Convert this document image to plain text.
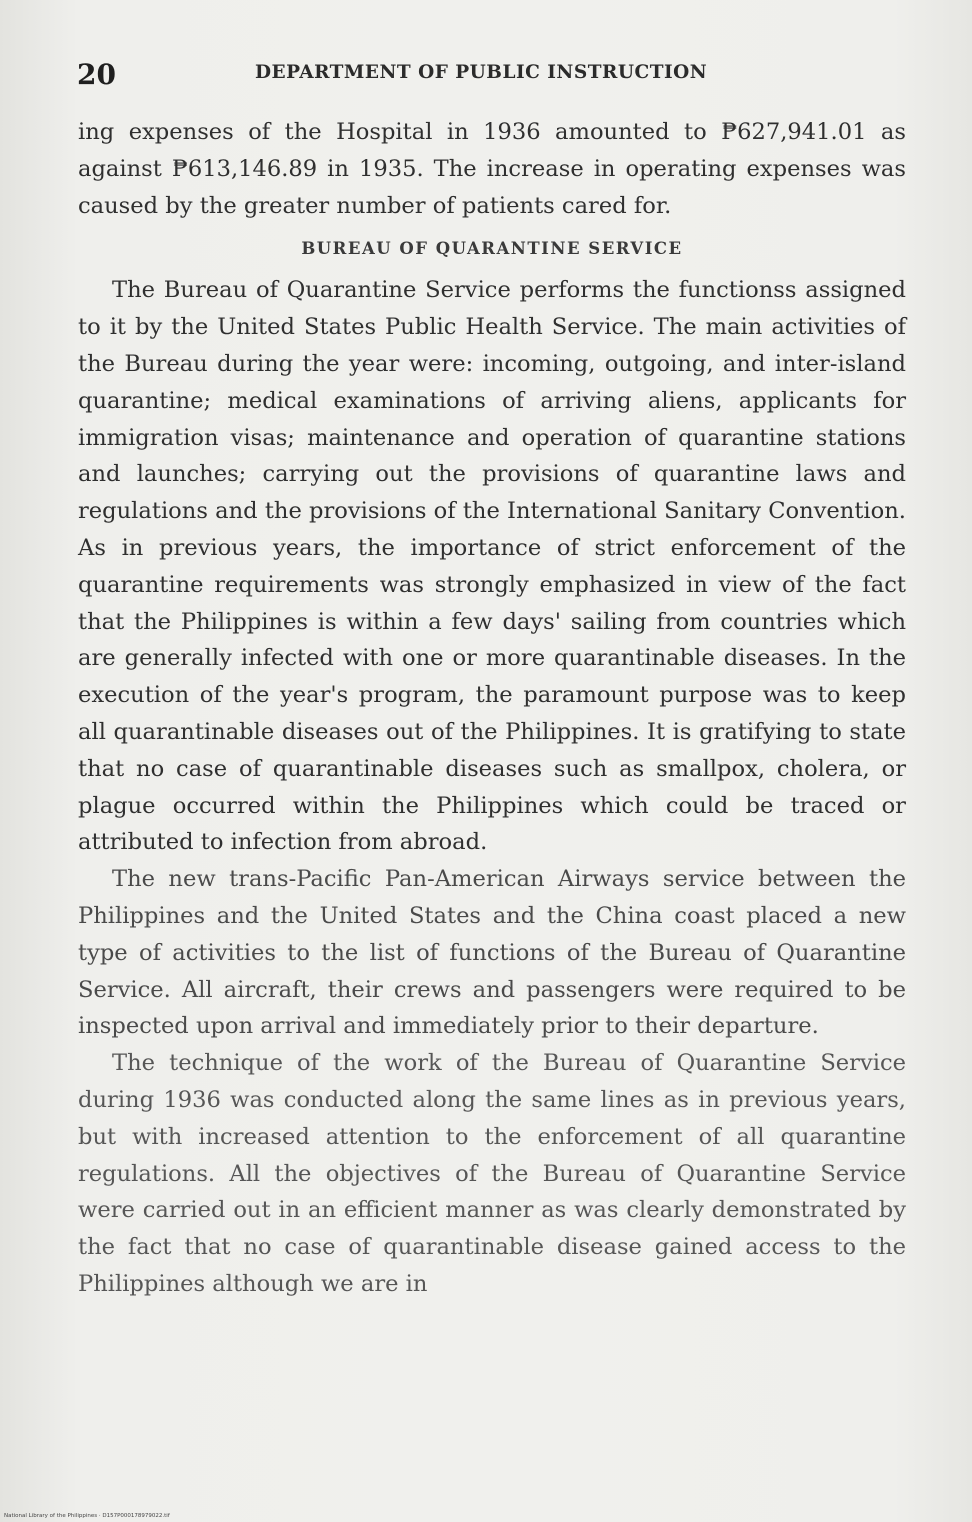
20	DEPARTMENT OF PUBLIC INSTRUCTION

ing expenses of the Hospital in 1936 amounted to ₱627,941.01 as against ₱613,146.89 in 1935. The increase in operating expenses was caused by the greater number of patients cared for.

BUREAU OF QUARANTINE SERVICE

The Bureau of Quarantine Service performs the functionss assigned to it by the United States Public Health Service. The main activities of the Bureau during the year were: incoming, outgoing, and inter-island quarantine; medical examinations of arriving aliens, applicants for immigration visas; maintenance and operation of quarantine stations and launches; carrying out the provisions of quarantine laws and regulations and the provisions of the International Sanitary Convention. As in previous years, the importance of strict enforcement of the quarantine requirements was strongly emphasized in view of the fact that the Philippines is within a few days' sailing from countries which are generally infected with one or more quarantinable diseases. In the execution of the year's program, the paramount purpose was to keep all quarantinable diseases out of the Philippines. It is gratifying to state that no case of quarantinable diseases such as smallpox, cholera, or plague occurred within the Philippines which could be traced or attributed to infection from abroad.

The new trans-Pacific Pan-American Airways service between the Philippines and the United States and the China coast placed a new type of activities to the list of functions of the Bureau of Quarantine Service. All aircraft, their crews and passengers were required to be inspected upon arrival and immediately prior to their departure.

The technique of the work of the Bureau of Quarantine Service during 1936 was conducted along the same lines as in previous years, but with increased attention to the enforcement of all quarantine regulations. All the objectives of the Bureau of Quarantine Service were carried out in an efficient manner as was clearly demonstrated by the fact that no case of quarantinable disease gained access to the Philippines although we are in

National Library of the Philippines · D157P000178979022.tif
